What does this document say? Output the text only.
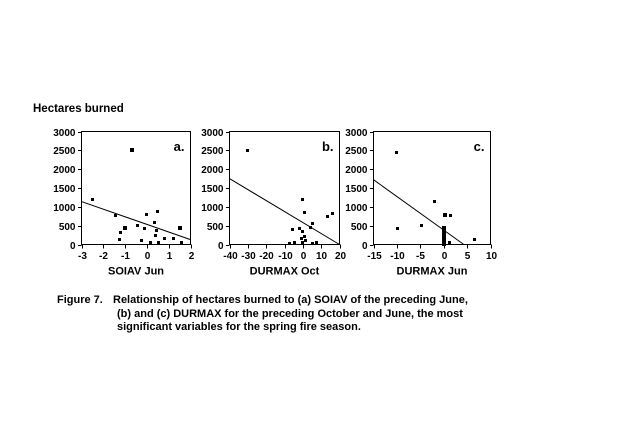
Hectares burned
0
500
1000
1500
2000
2500
3000
-3 -2 -1 0 1 2
a.
SOIAV Jun
0
500
1000
1500
2000
2500
3000
-40 -30 -20 -10 0 10 20
b.
DURMAX Oct
0
500
1000
1500
2000
2500
3000
-15 -10 -5 0 5 10
c.
DURMAX Jun
Figure 7. Relationship of hectares burned to (a) SOIAV of the preceding June,
(b) and (c) DURMAX for the preceding October and June, the most
significant variables for the spring fire season.
